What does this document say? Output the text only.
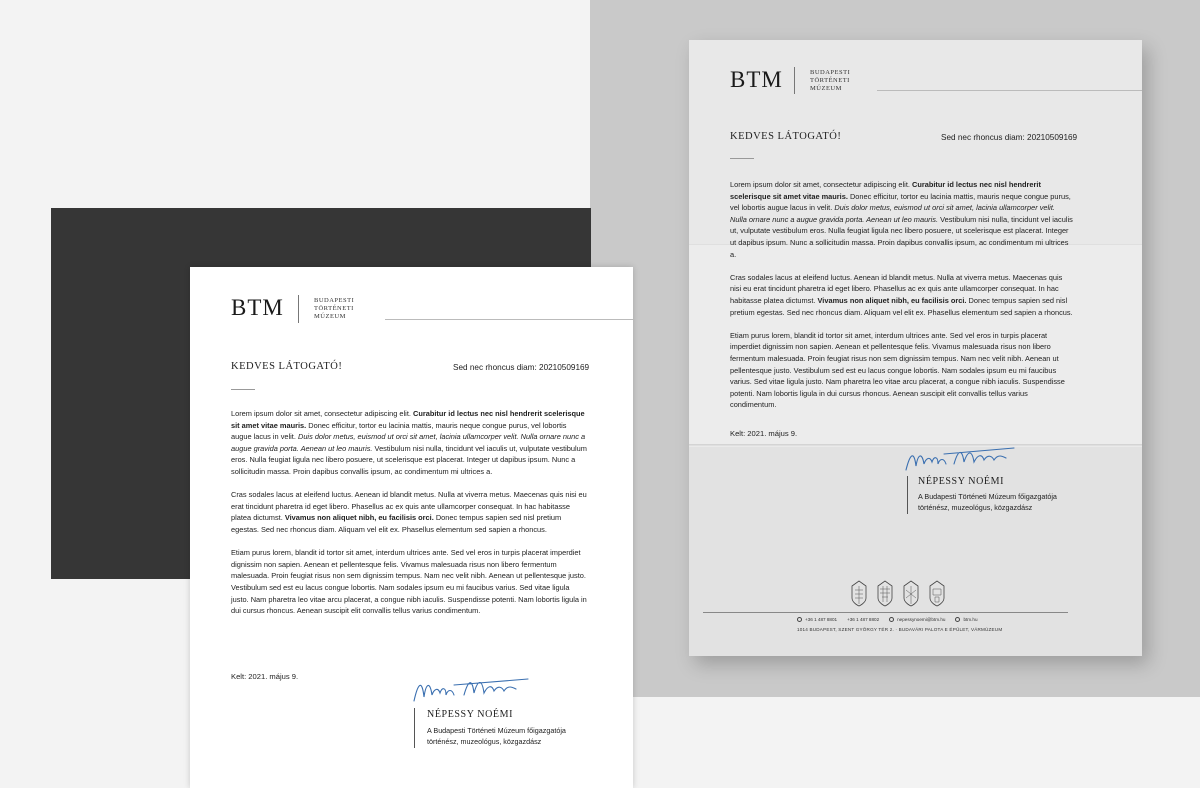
BTM	BUDAPESTI
TÖRTÉNETI
MÚZEUM
KEDVES LÁTOGATÓ!	Sed nec rhoncus diam: 20210509169

Lorem ipsum dolor sit amet, consectetur adipiscing elit. Curabitur id lectus nec nisl hendrerit scelerisque sit amet vitae mauris. Donec efficitur, tortor eu lacinia mattis, mauris neque congue purus, vel lobortis augue lacus in velit. Duis dolor metus, euismod ut orci sit amet, lacinia ullamcorper velit. Nulla ornare nunc a augue gravida porta. Aenean ut leo mauris. Vestibulum nisi nulla, tincidunt vel iaculis ut, vulputate vestibulum eros. Nulla feugiat ligula nec libero posuere, ut scelerisque est placerat. Integer ut dapibus ipsum. Nunc a sollicitudin massa. Proin dapibus convallis ipsum, ac condimentum mi ultrices a.

Cras sodales lacus at eleifend luctus. Aenean id blandit metus. Nulla at viverra metus. Maecenas quis nisi eu erat tincidunt pharetra id eget libero. Phasellus ac ex quis ante ullamcorper consequat. In hac habitasse platea dictumst. Vivamus non aliquet nibh, eu facilisis orci. Donec tempus sapien sed nisl pretium egestas. Sed nec rhoncus diam. Aliquam vel elit ex. Phasellus elementum sed sapien a rhoncus.

Etiam purus lorem, blandit id tortor sit amet, interdum ultrices ante. Sed vel eros in turpis placerat imperdiet dignissim non sapien. Aenean et pellentesque felis. Vivamus malesuada risus non libero fermentum malesuada. Proin feugiat risus non sem dignissim tempus. Nam nec velit nibh. Aenean ut pellentesque justo. Vestibulum sed est eu lacus congue lobortis. Nam sodales ipsum eu mi faucibus varius. Sed vitae ligula justo. Nam pharetra leo vitae arcu placerat, a congue nibh iaculis. Suspendisse potenti. Nam lobortis ligula in dui cursus rhoncus. Aenean suscipit elit convallis tellus varius condimentum.

Kelt: 2021. május 9.
NÉPESSY NOÉMI
A Budapesti Történeti Múzeum főigazgatója
történész, muzeológus, közgazdász
BTM	BUDAPESTI
TÖRTÉNETI
MÚZEUM
KEDVES LÁTOGATÓ!	Sed nec rhoncus diam: 20210509169

Lorem ipsum dolor sit amet, consectetur adipiscing elit. Curabitur id lectus nec nisl hendrerit scelerisque sit amet vitae mauris. Donec efficitur, tortor eu lacinia mattis, mauris neque congue purus, vel lobortis augue lacus in velit. Duis dolor metus, euismod ut orci sit amet, lacinia ullamcorper velit. Nulla ornare nunc a augue gravida porta. Aenean ut leo mauris. Vestibulum nisi nulla, tincidunt vel iaculis ut, vulputate vestibulum eros. Nulla feugiat ligula nec libero posuere, ut scelerisque est placerat. Integer ut dapibus ipsum. Nunc a sollicitudin massa. Proin dapibus convallis ipsum, ac condimentum mi ultrices a.

Cras sodales lacus at eleifend luctus. Aenean id blandit metus. Nulla at viverra metus. Maecenas quis nisi eu erat tincidunt pharetra id eget libero. Phasellus ac ex quis ante ullamcorper consequat. In hac habitasse platea dictumst. Vivamus non aliquet nibh, eu facilisis orci. Donec tempus sapien sed nisl pretium egestas. Sed nec rhoncus diam. Aliquam vel elit ex. Phasellus elementum sed sapien a rhoncus.

Etiam purus lorem, blandit id tortor sit amet, interdum ultrices ante. Sed vel eros in turpis placerat imperdiet dignissim non sapien. Aenean et pellentesque felis. Vivamus malesuada risus non libero fermentum malesuada. Proin feugiat risus non sem dignissim tempus. Nam nec velit nibh. Aenean ut pellentesque justo. Vestibulum sed est eu lacus congue lobortis. Nam sodales ipsum eu mi faucibus varius. Sed vitae ligula justo. Nam pharetra leo vitae arcu placerat, a congue nibh iaculis. Suspendisse potenti. Nam lobortis ligula in dui cursus rhoncus. Aenean suscipit elit convallis tellus varius condimentum.

Kelt: 2021. május 9.
NÉPESSY NOÉMI
A Budapesti Történeti Múzeum főigazgatója
történész, muzeológus, közgazdász
+36 1 487 8801 +36 1 487 8802	nepessynoemi@btm.hu	btm.hu
1014 BUDAPEST, SZENT GYÖRGY TÉR 2. · BUDAVÁRI PALOTA E ÉPÜLET, VÁRMÚZEUM
